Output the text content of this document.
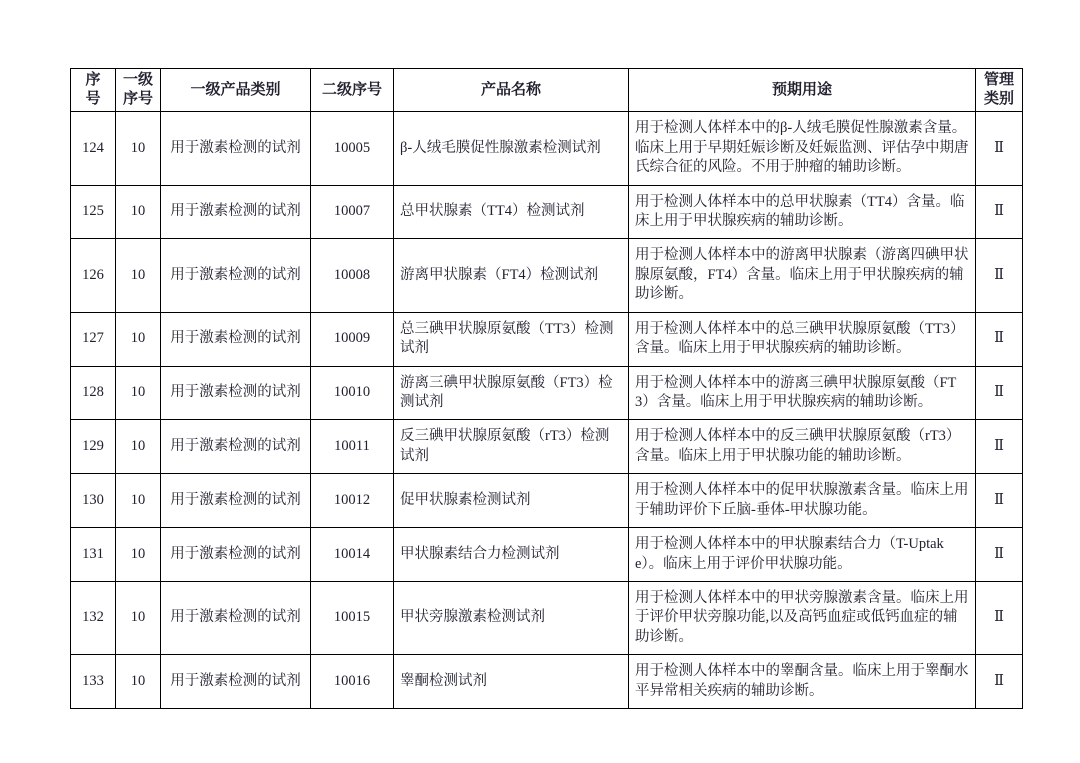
序号	一级序号	一级产品类别	二级序号	产品名称	预期用途	管理类别
124	10	用于激素检测的试剂	10005	β-人绒毛膜促性腺激素检测试剂	用于检测人体样本中的β-人绒毛膜促性腺激素含量。临床上用于早期妊娠诊断及妊娠监测、评估孕中期唐氏综合征的风险。不用于肿瘤的辅助诊断。	Ⅱ
125	10	用于激素检测的试剂	10007	总甲状腺素（TT4）检测试剂	用于检测人体样本中的总甲状腺素（TT4）含量。临床上用于甲状腺疾病的辅助诊断。	Ⅱ
126	10	用于激素检测的试剂	10008	游离甲状腺素（FT4）检测试剂	用于检测人体样本中的游离甲状腺素（游离四碘甲状腺原氨酸，FT4）含量。临床上用于甲状腺疾病的辅助诊断。	Ⅱ
127	10	用于激素检测的试剂	10009	总三碘甲状腺原氨酸（TT3）检测试剂	用于检测人体样本中的总三碘甲状腺原氨酸（TT3）含量。临床上用于甲状腺疾病的辅助诊断。	Ⅱ
128	10	用于激素检测的试剂	10010	游离三碘甲状腺原氨酸（FT3）检测试剂	用于检测人体样本中的游离三碘甲状腺原氨酸（FT3）含量。临床上用于甲状腺疾病的辅助诊断。	Ⅱ
129	10	用于激素检测的试剂	10011	反三碘甲状腺原氨酸（rT3）检测试剂	用于检测人体样本中的反三碘甲状腺原氨酸（rT3）含量。临床上用于甲状腺功能的辅助诊断。	Ⅱ
130	10	用于激素检测的试剂	10012	促甲状腺素检测试剂	用于检测人体样本中的促甲状腺激素含量。临床上用于辅助评价下丘脑-垂体-甲状腺功能。	Ⅱ
131	10	用于激素检测的试剂	10014	甲状腺素结合力检测试剂	用于检测人体样本中的甲状腺素结合力（T-Uptake）。临床上用于评价甲状腺功能。	Ⅱ
132	10	用于激素检测的试剂	10015	甲状旁腺激素检测试剂	用于检测人体样本中的甲状旁腺激素含量。临床上用于评价甲状旁腺功能,以及高钙血症或低钙血症的辅助诊断。	Ⅱ
133	10	用于激素检测的试剂	10016	睾酮检测试剂	用于检测人体样本中的睾酮含量。临床上用于睾酮水平异常相关疾病的辅助诊断。	Ⅱ
